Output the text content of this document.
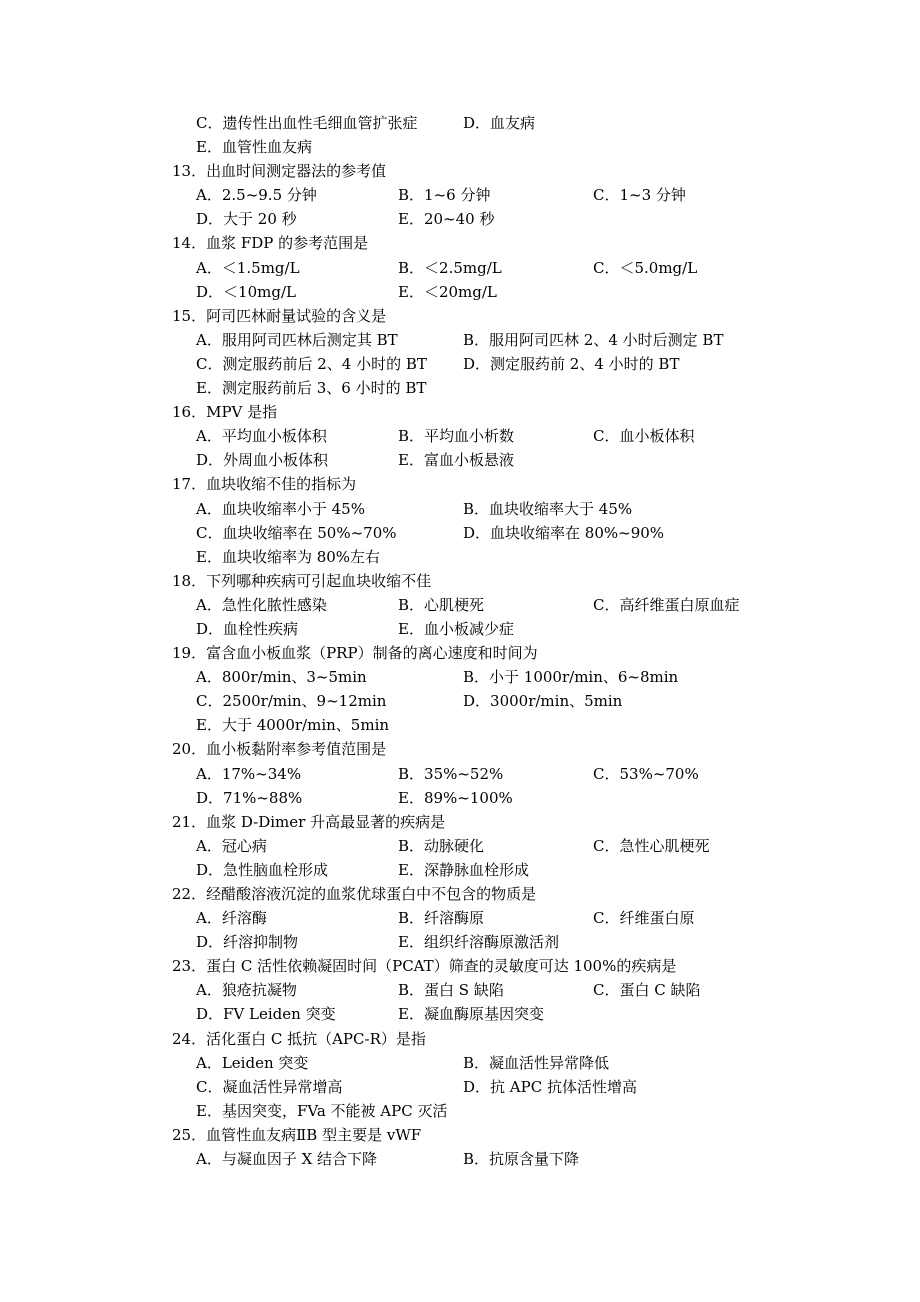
C．遗传性出血性毛细血管扩张症	D．血友病
E．血管性血友病
13．出血时间测定器法的参考值
A．2.5~9.5 分钟	B．1~6 分钟	C．1~3 分钟
D．大于 20 秒	E．20~40 秒
14．血浆 FDP 的参考范围是
A．＜1.5mg/L	B．＜2.5mg/L	C．＜5.0mg/L
D．＜10mg/L	E．＜20mg/L
15．阿司匹林耐量试验的含义是
A．服用阿司匹林后测定其 BT	B．服用阿司匹林 2、4 小时后测定 BT
C．测定服药前后 2、4 小时的 BT D．测定服药前 2、4 小时的 BT
E．测定服药前后 3、6 小时的 BT
16．MPV 是指
A．平均血小板体积	B．平均血小析数	C．血小板体积
D．外周血小板体积	E．富血小板悬液
17．血块收缩不佳的指标为
A．血块收缩率小于 45%	B．血块收缩率大于 45%
C．血块收缩率在 50%~70%	D．血块收缩率在 80%~90%
E．血块收缩率为 80%左右
18．下列哪种疾病可引起血块收缩不佳
A．急性化脓性感染	B．心肌梗死	C．高纤维蛋白原血症
D．血栓性疾病	E．血小板减少症
19．富含血小板血浆（PRP）制备的离心速度和时间为
A．800r/min、3~5min	B．小于 1000r/min、6~8min
C．2500r/min、9~12min	D．3000r/min、5min
E．大于 4000r/min、5min
20．血小板黏附率参考值范围是
A．17%~34%	B．35%~52%	C．53%~70%
D．71%~88%	E．89%~100%
21．血浆 D-Dimer 升高最显著的疾病是
A．冠心病	B．动脉硬化	C．急性心肌梗死
D．急性脑血栓形成	E．深静脉血栓形成
22．经醋酸溶液沉淀的血浆优球蛋白中不包含的物质是
A．纤溶酶	B．纤溶酶原	C．纤维蛋白原
D．纤溶抑制物	E．组织纤溶酶原激活剂
23．蛋白 C 活性依赖凝固时间（PCAT）筛查的灵敏度可达 100%的疾病是
A．狼疮抗凝物	B．蛋白 S 缺陷	C．蛋白 C 缺陷
D．FV Leiden 突变	E．凝血酶原基因突变
24．活化蛋白 C 抵抗（APC-R）是指
A．Leiden 突变	B．凝血活性异常降低
C．凝血活性异常增高	D．抗 APC 抗体活性增高
E．基因突变，FVa 不能被 APC 灭活
25．血管性血友病ⅡB 型主要是 vWF
A．与凝血因子 X 结合下降	B．抗原含量下降
